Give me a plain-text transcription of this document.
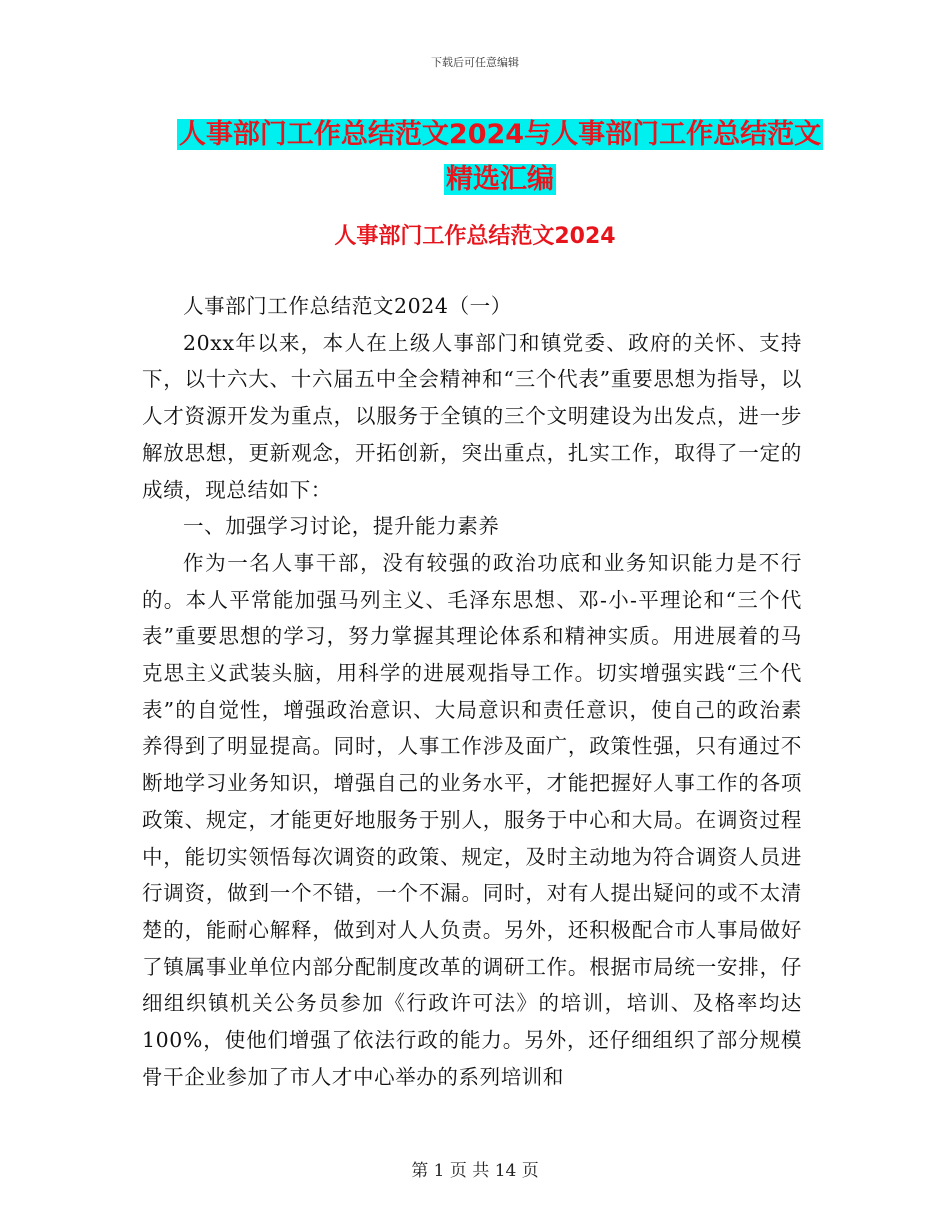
下载后可任意编辑
人事部门工作总结范文2024与人事部门工作总结范文
精选汇编
人事部门工作总结范文2024

人事部门工作总结范文2024（一）

20xx年以来，本人在上级人事部门和镇党委、政府的关怀、支持下，以十六大、十六届五中全会精神和“三个代表”重要思想为指导，以人才资源开发为重点，以服务于全镇的三个文明建设为出发点，进一步解放思想，更新观念，开拓创新，突出重点，扎实工作，取得了一定的成绩，现总结如下：

一、加强学习讨论，提升能力素养

作为一名人事干部，没有较强的政治功底和业务知识能力是不行的。本人平常能加强马列主义、毛泽东思想、邓-小-平理论和“三个代表”重要思想的学习，努力掌握其理论体系和精神实质。用进展着的马克思主义武装头脑，用科学的进展观指导工作。切实增强实践“三个代表”的自觉性，增强政治意识、大局意识和责任意识，使自己的政治素养得到了明显提高。同时，人事工作涉及面广，政策性强，只有通过不断地学习业务知识，增强自己的业务水平，才能把握好人事工作的各项政策、规定，才能更好地服务于别人，服务于中心和大局。在调资过程中，能切实领悟每次调资的政策、规定，及时主动地为符合调资人员进行调资，做到一个不错，一个不漏。同时，对有人提出疑问的或不太清楚的，能耐心解释，做到对人人负责。另外，还积极配合市人事局做好了镇属事业单位内部分配制度改革的调研工作。根据市局统一安排，仔细组织镇机关公务员参加《行政许可法》的培训，培训、及格率均达100%，使他们增强了依法行政的能力。另外，还仔细组织了部分规模骨干企业参加了市人才中心举办的系列培训和

第 1 页 共 14 页
